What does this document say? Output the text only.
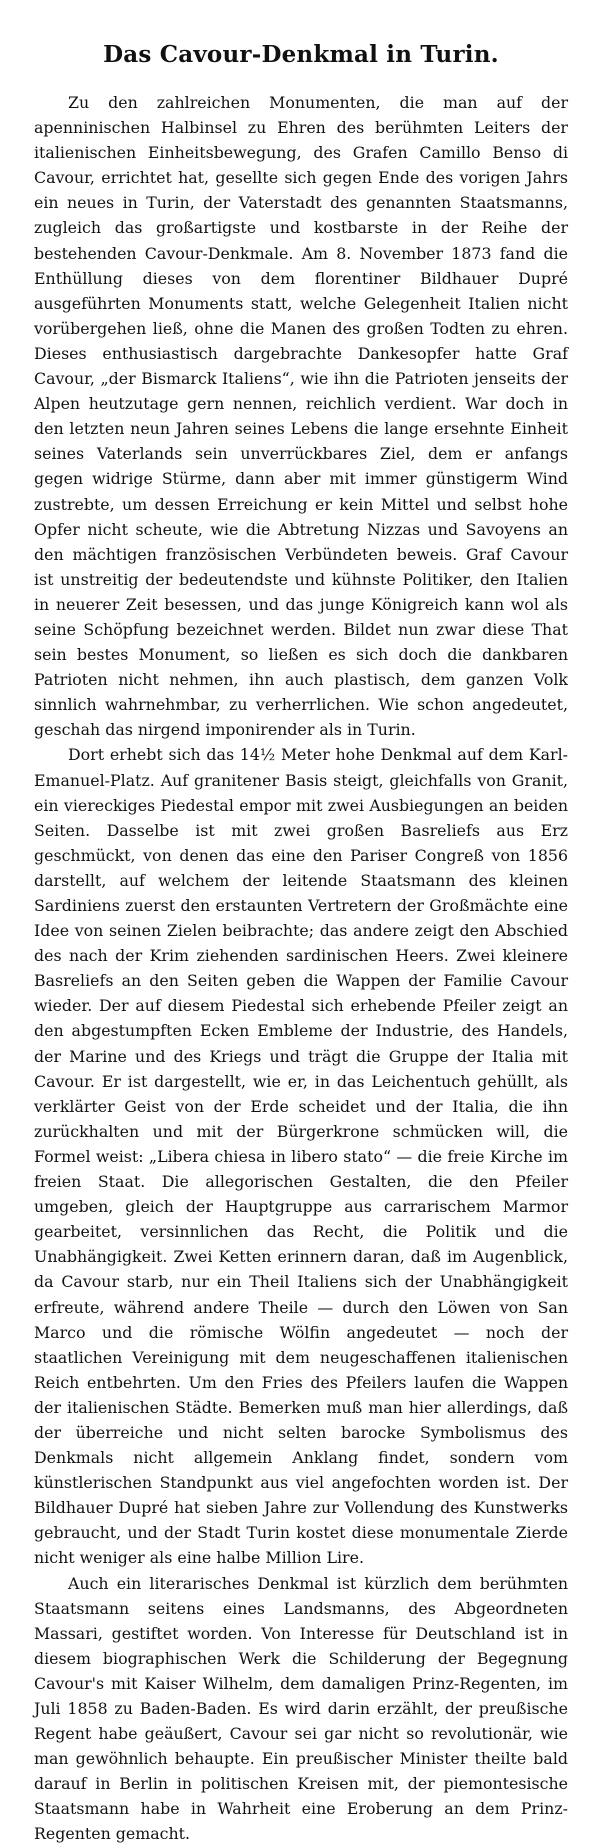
Das Cavour-Denkmal in Turin.

Zu den zahlreichen Monumenten, die man auf der apenninischen Halbinsel zu Ehren des berühmten Leiters der italienischen Einheitsbewegung, des Grafen Camillo Benso di Cavour, errichtet hat, gesellte sich gegen Ende des vorigen Jahrs ein neues in Turin, der Vaterstadt des genannten Staatsmanns, zugleich das großartigste und kostbarste in der Reihe der bestehenden Cavour-Denkmale. Am 8. November 1873 fand die Enthüllung dieses von dem florentiner Bildhauer Dupré ausgeführten Monuments statt, welche Gelegenheit Italien nicht vorübergehen ließ, ohne die Manen des großen Todten zu ehren. Dieses enthusiastisch dargebrachte Dankesopfer hatte Graf Cavour, „der Bismarck Italiens“, wie ihn die Patrioten jenseits der Alpen heutzutage gern nennen, reichlich verdient. War doch in den letzten neun Jahren seines Lebens die lange ersehnte Einheit seines Vaterlands sein unverrückbares Ziel, dem er anfangs gegen widrige Stürme, dann aber mit immer günstigerm Wind zustrebte, um dessen Erreichung er kein Mittel und selbst hohe Opfer nicht scheute, wie die Abtretung Nizzas und Savoyens an den mächtigen französischen Verbündeten beweis. Graf Cavour ist unstreitig der bedeutendste und kühnste Politiker, den Italien in neuerer Zeit besessen, und das junge Königreich kann wol als seine Schöpfung bezeichnet werden. Bildet nun zwar diese That sein bestes Monument, so ließen es sich doch die dankbaren Patrioten nicht nehmen, ihn auch plastisch, dem ganzen Volk sinnlich wahrnehmbar, zu verherrlichen. Wie schon angedeutet, geschah das nirgend imponirender als in Turin.

Dort erhebt sich das 14½ Meter hohe Denkmal auf dem Karl-Emanuel-Platz. Auf granitener Basis steigt, gleichfalls von Granit, ein viereckiges Piedestal empor mit zwei Ausbiegungen an beiden Seiten. Dasselbe ist mit zwei großen Basreliefs aus Erz geschmückt, von denen das eine den Pariser Congreß von 1856 darstellt, auf welchem der leitende Staatsmann des kleinen Sardiniens zuerst den erstaunten Vertretern der Großmächte eine Idee von seinen Zielen beibrachte; das andere zeigt den Abschied des nach der Krim ziehenden sardinischen Heers. Zwei kleinere Basreliefs an den Seiten geben die Wappen der Familie Cavour wieder. Der auf diesem Piedestal sich erhebende Pfeiler zeigt an den abgestumpften Ecken Embleme der Industrie, des Handels, der Marine und des Kriegs und trägt die Gruppe der Italia mit Cavour. Er ist dargestellt, wie er, in das Leichentuch gehüllt, als verklärter Geist von der Erde scheidet und der Italia, die ihn zurückhalten und mit der Bürgerkrone schmücken will, die Formel weist: „Libera chiesa in libero stato“ — die freie Kirche im freien Staat. Die allegorischen Gestalten, die den Pfeiler umgeben, gleich der Hauptgruppe aus carrarischem Marmor gearbeitet, versinnlichen das Recht, die Politik und die Unabhängigkeit. Zwei Ketten erinnern daran, daß im Augenblick, da Cavour starb, nur ein Theil Italiens sich der Unabhängigkeit erfreute, während andere Theile — durch den Löwen von San Marco und die römische Wölfin angedeutet — noch der staatlichen Vereinigung mit dem neugeschaffenen italienischen Reich entbehrten. Um den Fries des Pfeilers laufen die Wappen der italienischen Städte. Bemerken muß man hier allerdings, daß der überreiche und nicht selten barocke Symbolismus des Denkmals nicht allgemein Anklang findet, sondern vom künstlerischen Standpunkt aus viel angefochten worden ist. Der Bildhauer Dupré hat sieben Jahre zur Vollendung des Kunstwerks gebraucht, und der Stadt Turin kostet diese monumentale Zierde nicht weniger als eine halbe Million Lire.

Auch ein literarisches Denkmal ist kürzlich dem berühmten Staatsmann seitens eines Landsmanns, des Abgeordneten Massari, gestiftet worden. Von Interesse für Deutschland ist in diesem biographischen Werk die Schilderung der Begegnung Cavour's mit Kaiser Wilhelm, dem damaligen Prinz-Regenten, im Juli 1858 zu Baden-Baden. Es wird darin erzählt, der preußische Regent habe geäußert, Cavour sei gar nicht so revolutionär, wie man gewöhnlich behaupte. Ein preußischer Minister theilte bald darauf in Berlin in politischen Kreisen mit, der piemontesische Staatsmann habe in Wahrheit eine Eroberung an dem Prinz-Regenten gemacht.
